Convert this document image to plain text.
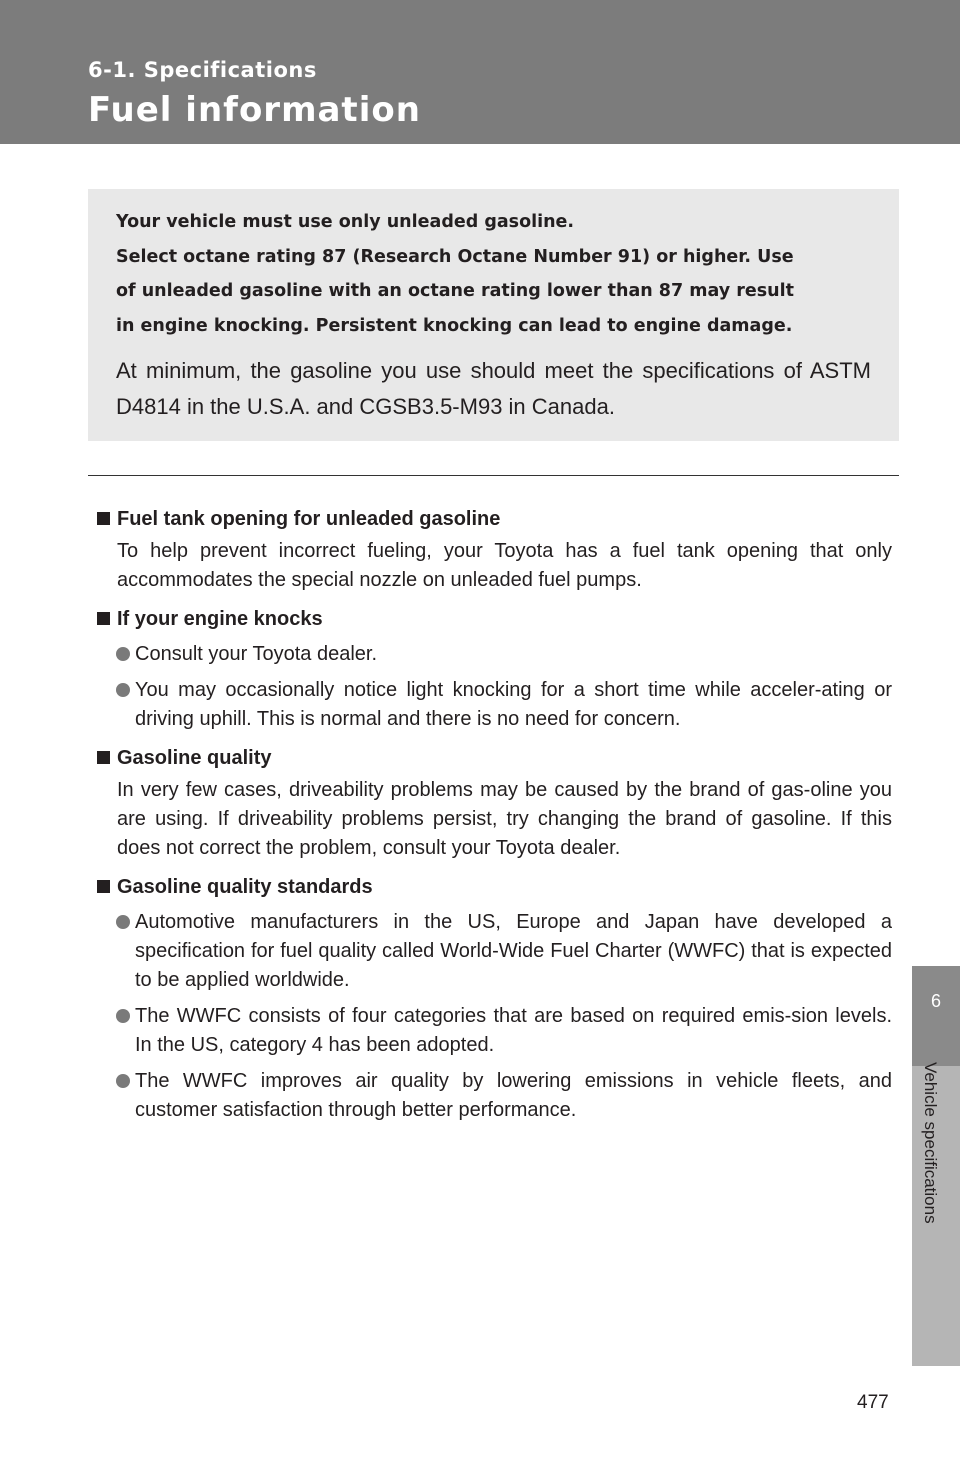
6-1. Specifications
Fuel information
Your vehicle must use only unleaded gasoline.
Select octane rating 87 (Research Octane Number 91) or higher. Use
of unleaded gasoline with an octane rating lower than 87 may result
in engine knocking. Persistent knocking can lead to engine damage.
At minimum, the gasoline you use should meet the specifications of ASTM D4814 in the U.S.A. and CGSB3.5-M93 in Canada.
Fuel tank opening for unleaded gasoline
To help prevent incorrect fueling, your Toyota has a fuel tank opening that only accommodates the special nozzle on unleaded fuel pumps.
If your engine knocks
Consult your Toyota dealer.
You may occasionally notice light knocking for a short time while acceler-ating or driving uphill. This is normal and there is no need for concern.
Gasoline quality
In very few cases, driveability problems may be caused by the brand of gas-oline you are using. If driveability problems persist, try changing the brand of gasoline. If this does not correct the problem, consult your Toyota dealer.
Gasoline quality standards
Automotive manufacturers in the US, Europe and Japan have developed a specification for fuel quality called World-Wide Fuel Charter (WWFC) that is expected to be applied worldwide.
The WWFC consists of four categories that are based on required emis-sion levels. In the US, category 4 has been adopted.
The WWFC improves air quality by lowering emissions in vehicle fleets, and customer satisfaction through better performance.
6
Vehicle specifications
477
